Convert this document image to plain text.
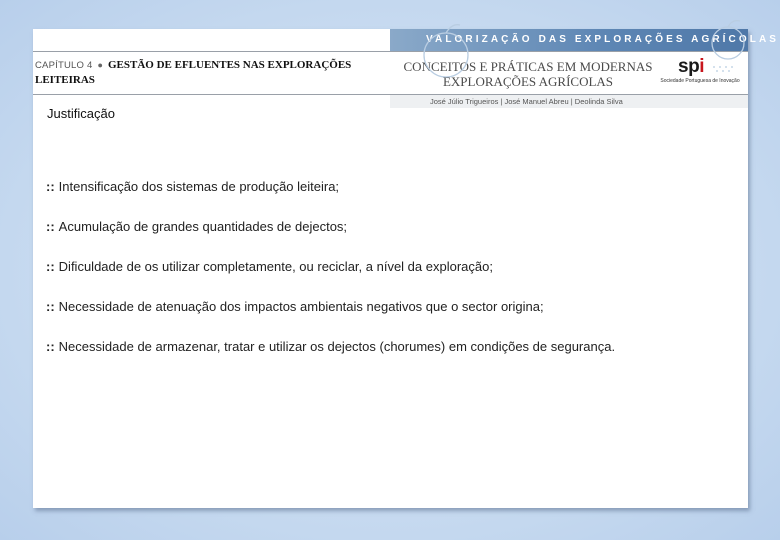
VALORIZAÇÃO DAS EXPLORAÇÕES AGRÍCOLAS
CAPÍTULO 4 ● GESTÃO DE EFLUENTES NAS EXPLORAÇÕES LEITEIRAS
CONCEITOS E PRÁTICAS EM MODERNAS
EXPLORAÇÕES AGRÍCOLAS
spi
Sociedade Portuguesa de Inovação
José Júlio Trigueiros | José Manuel Abreu | Deolinda Silva
Justificação
:: Intensificação dos sistemas de produção leiteira;
:: Acumulação de grandes quantidades de dejectos;
:: Dificuldade de os utilizar completamente, ou reciclar, a nível da exploração;
:: Necessidade de atenuação dos impactos ambientais negativos que o sector origina;
:: Necessidade de armazenar, tratar e utilizar os dejectos (chorumes) em condições de segurança.
